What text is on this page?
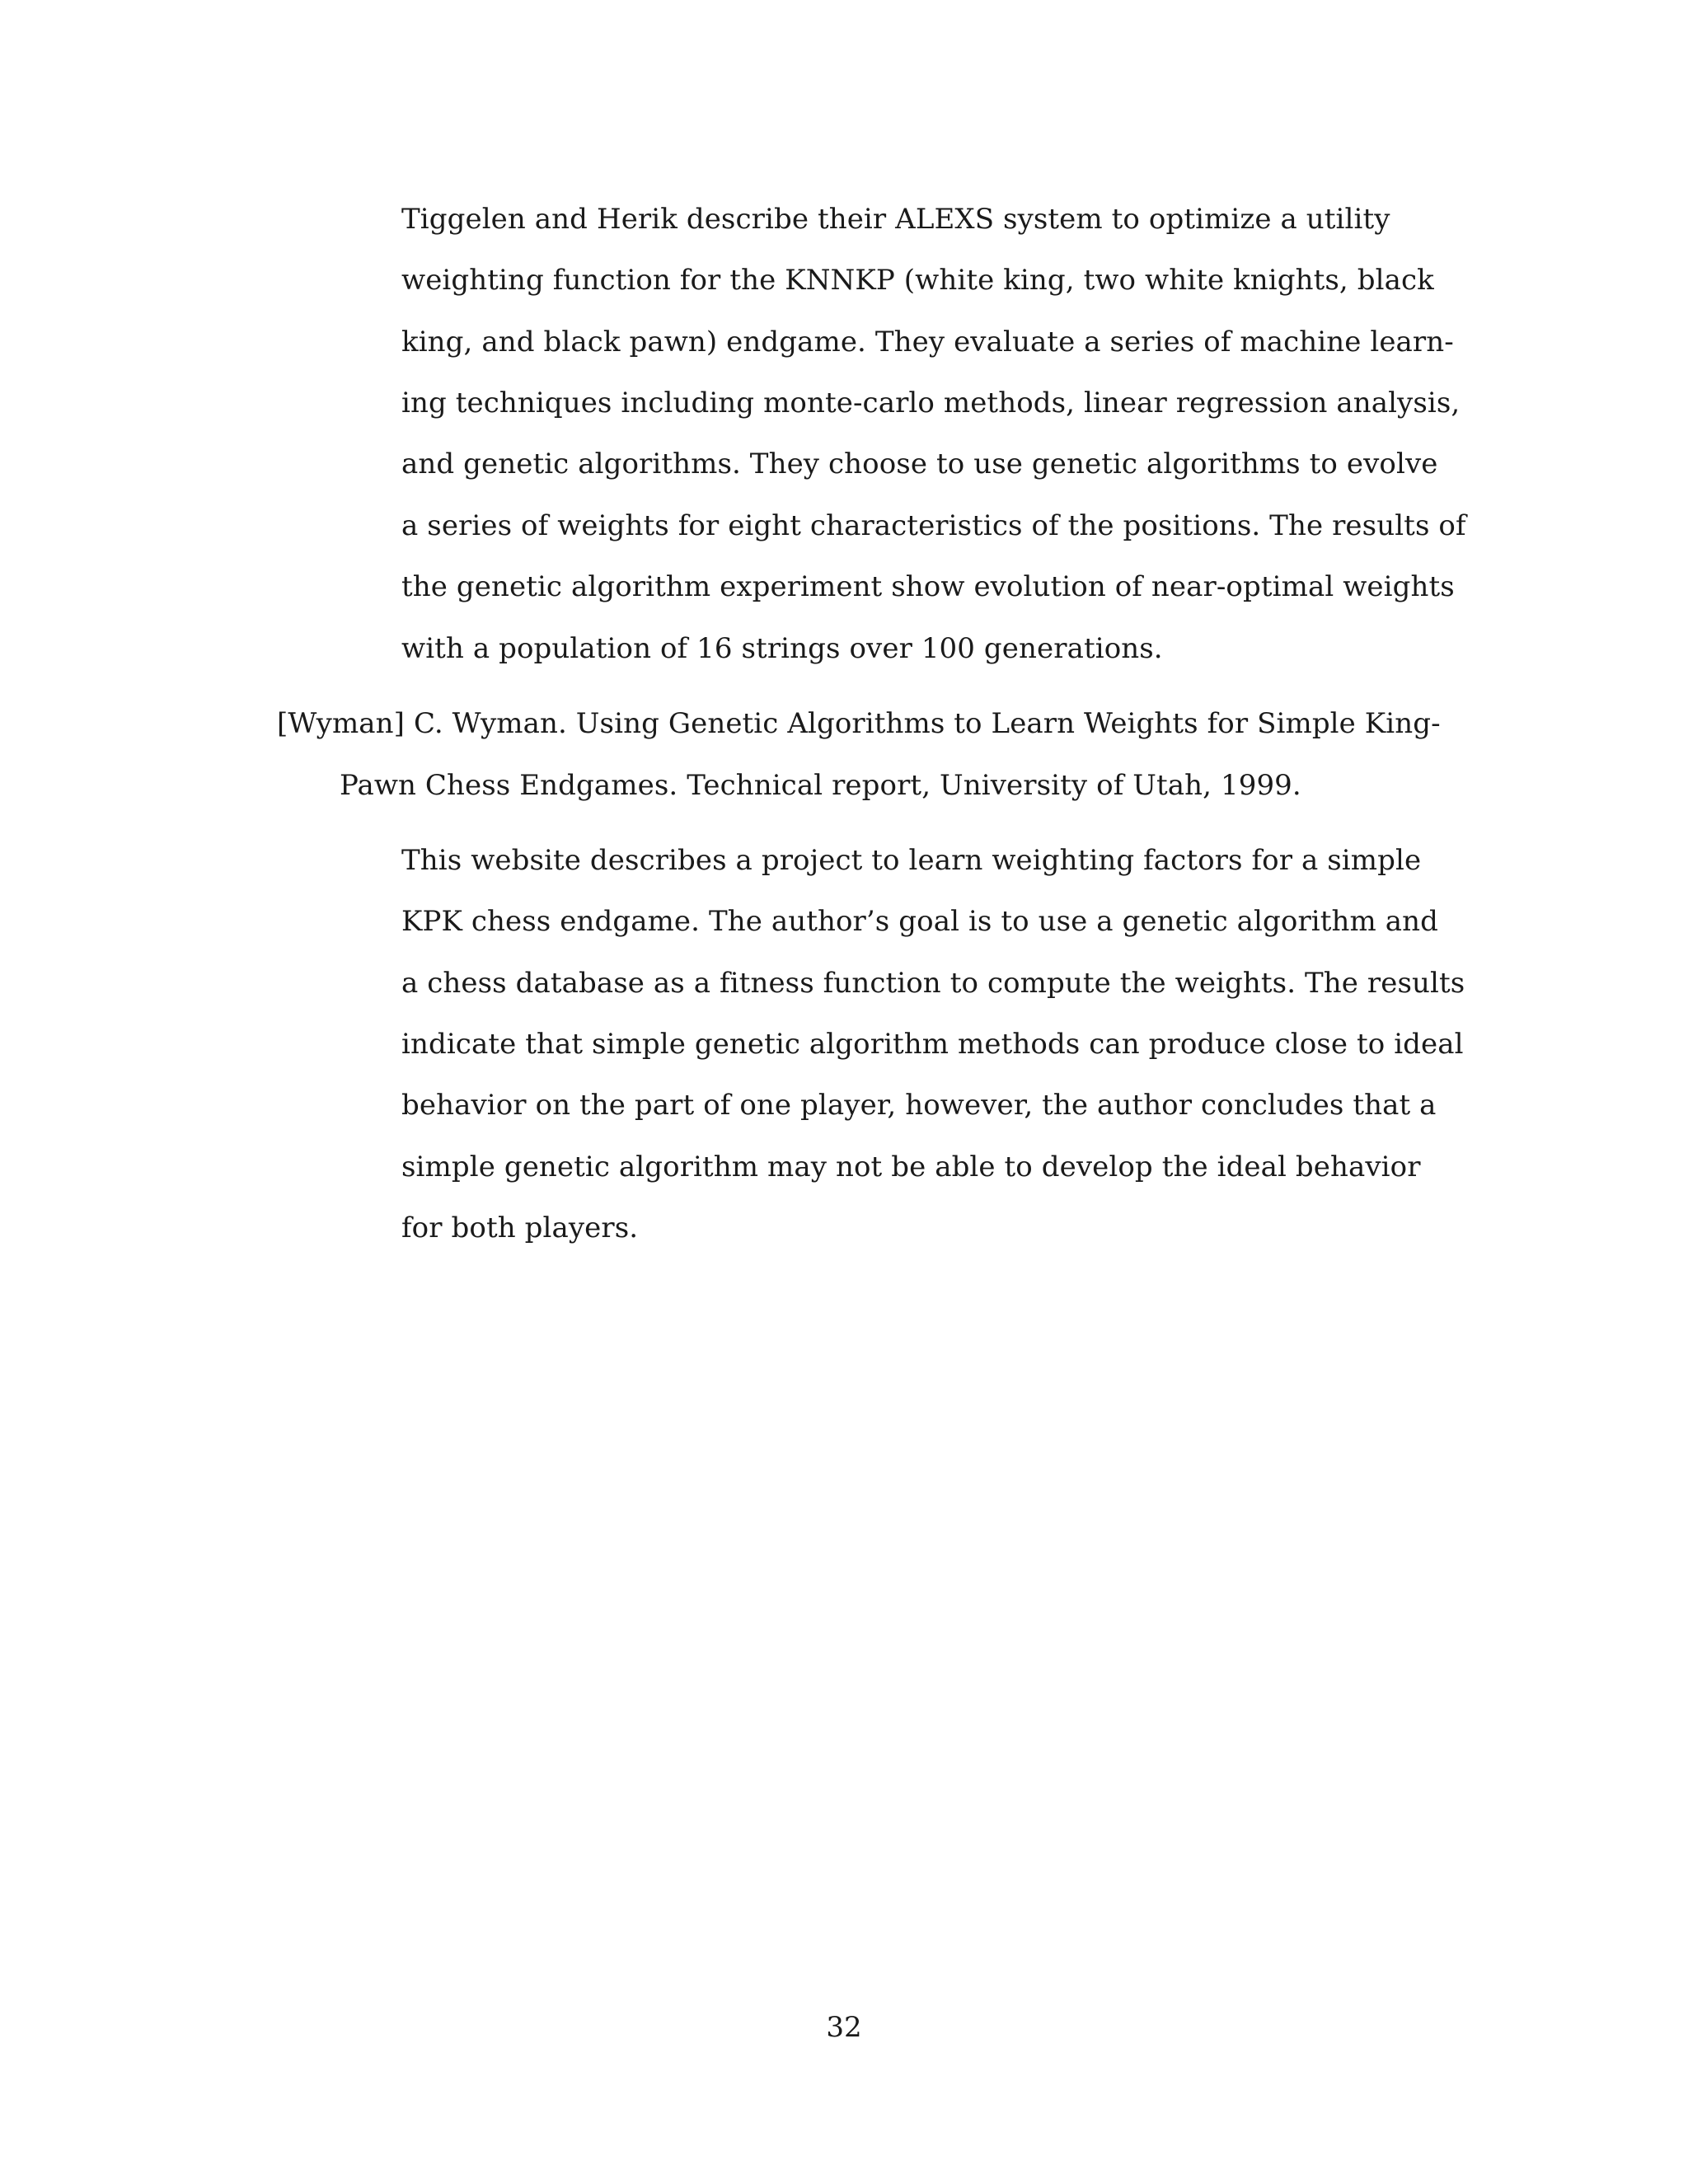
Tiggelen and Herik describe their ALEXS system to optimize a utility
weighting function for the KNNKP (white king, two white knights, black
king, and black pawn) endgame. They evaluate a series of machine learn-
ing techniques including monte-carlo methods, linear regression analysis,
and genetic algorithms. They choose to use genetic algorithms to evolve
a series of weights for eight characteristics of the positions. The results of
the genetic algorithm experiment show evolution of near-optimal weights
with a population of 16 strings over 100 generations.
[Wyman] C. Wyman. Using Genetic Algorithms to Learn Weights for Simple King-
Pawn Chess Endgames. Technical report, University of Utah, 1999.
This website describes a project to learn weighting factors for a simple
KPK chess endgame. The author’s goal is to use a genetic algorithm and
a chess database as a fitness function to compute the weights. The results
indicate that simple genetic algorithm methods can produce close to ideal
behavior on the part of one player, however, the author concludes that a
simple genetic algorithm may not be able to develop the ideal behavior
for both players.
32
